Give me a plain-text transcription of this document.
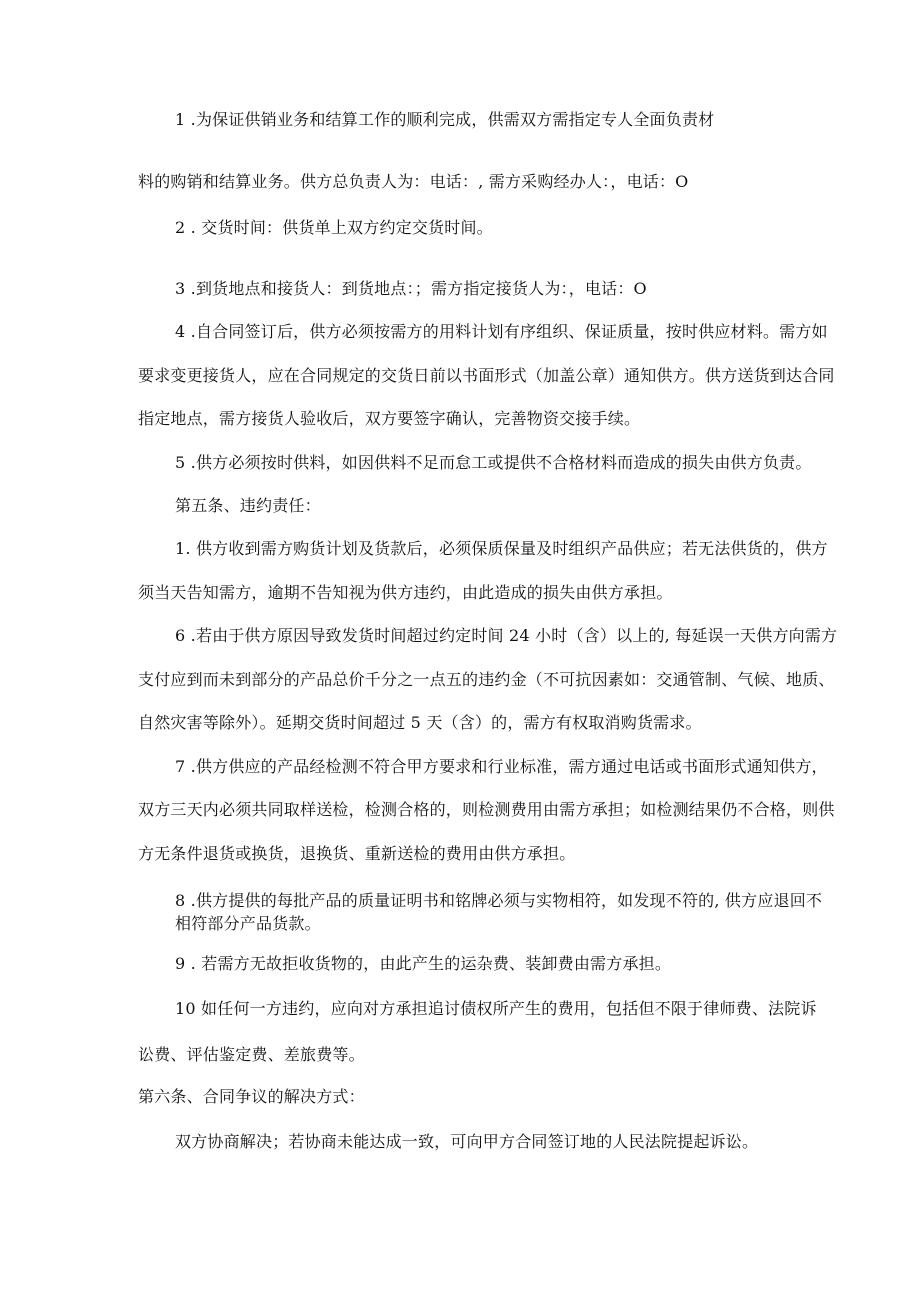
1 .为保证供销业务和结算工作的顺利完成，供需双方需指定专人全面负责材
料的购销和结算业务。供方总负责人为：电话：, 需方采购经办人：，电话：O
2 . 交货时间：供货单上双方约定交货时间。
3 .到货地点和接货人：到货地点：；需方指定接货人为：，电话：O
4 .自合同签订后，供方必须按需方的用料计划有序组织、保证质量，按时供应材料。需方如
要求变更接货人，应在合同规定的交货日前以书面形式（加盖公章）通知供方。供方送货到达合同
指定地点，需方接货人验收后，双方要签字确认，完善物资交接手续。
5 .供方必须按时供料，如因供料不足而怠工或提供不合格材料而造成的损失由供方负责。
第五条、违约责任：
1. 供方收到需方购货计划及货款后，必须保质保量及时组织产品供应；若无法供货的，供方
须当天告知需方，逾期不告知视为供方违约，由此造成的损失由供方承担。
6 .若由于供方原因导致发货时间超过约定时间 24 小时（含）以上的, 每延误一天供方向需方
支付应到而未到部分的产品总价千分之一点五的违约金（不可抗因素如：交通管制、气候、地质、
自然灾害等除外）。延期交货时间超过 5 天（含）的，需方有权取消购货需求。
7 .供方供应的产品经检测不符合甲方要求和行业标准，需方通过电话或书面形式通知供方，
双方三天内必须共同取样送检，检测合格的，则检测费用由需方承担；如检测结果仍不合格，则供
方无条件退货或换货，退换货、重新送检的费用由供方承担。
8 .供方提供的每批产品的质量证明书和铭牌必须与实物相符，如发现不符的, 供方应退回不
相符部分产品货款。
9 . 若需方无故拒收货物的，由此产生的运杂费、装卸费由需方承担。
10 如任何一方违约，应向对方承担追讨债权所产生的费用，包括但不限于律师费、法院诉
讼费、评估鉴定费、差旅费等。
第六条、合同争议的解决方式：
双方协商解决；若协商未能达成一致，可向甲方合同签订地的人民法院提起诉讼。
